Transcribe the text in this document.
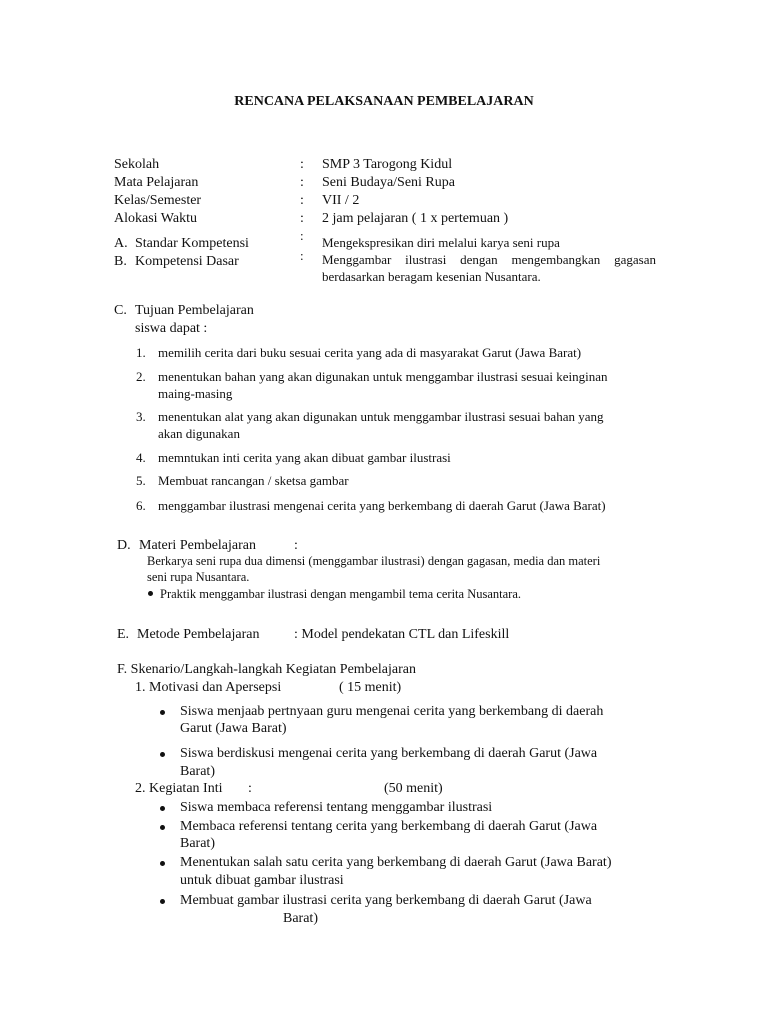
RENCANA PELAKSANAAN PEMBELAJARAN
Sekolah	: SMP 3 Tarogong Kidul
Mata Pelajaran	: Seni Budaya/Seni Rupa
Kelas/Semester	: VII / 2
Alokasi Waktu	: 2 jam pelajaran ( 1 x pertemuan )
A. Standar Kompetensi
: Mengekspresikan diri melalui karya seni rupa
B. Kompetensi Dasar	: Menggambar ilustrasi dengan mengembangkan gagasan
berdasarkan beragam kesenian Nusantara.
C. Tujuan Pembelajaran
siswa dapat :
1. memilih cerita dari buku sesuai cerita yang ada di masyarakat Garut (Jawa Barat)
2. menentukan bahan yang akan digunakan untuk menggambar ilustrasi sesuai keinginan
maing-masing
3. menentukan alat yang akan digunakan untuk menggambar ilustrasi sesuai bahan yang
akan digunakan
4. memntukan inti cerita yang akan dibuat gambar ilustrasi
5. Membuat rancangan / sketsa gambar
6. menggambar ilustrasi mengenai cerita yang berkembang di daerah Garut (Jawa Barat)
D. Materi Pembelajaran	:
Berkarya seni rupa dua dimensi (menggambar ilustrasi) dengan gagasan, media dan materi
seni rupa Nusantara.
Praktik menggambar ilustrasi dengan mengambil tema cerita Nusantara.
E. Metode Pembelajaran : Model pendekatan CTL dan Lifeskill
F. Skenario/Langkah-langkah Kegiatan Pembelajaran
1. Motivasi dan Apersepsi	( 15 menit)
Siswa menjaab pertnyaan guru mengenai cerita yang berkembang di daerah
Garut (Jawa Barat)
Siswa berdiskusi mengenai cerita yang berkembang di daerah Garut (Jawa
Barat)
2. Kegiatan Inti :	(50 menit)
Siswa membaca referensi tentang menggambar ilustrasi
Membaca referensi tentang cerita yang berkembang di daerah Garut (Jawa
Barat)
Menentukan salah satu cerita yang berkembang di daerah Garut (Jawa Barat)
untuk dibuat gambar ilustrasi
Membuat gambar ilustrasi cerita yang berkembang di daerah Garut (Jawa
Barat)
